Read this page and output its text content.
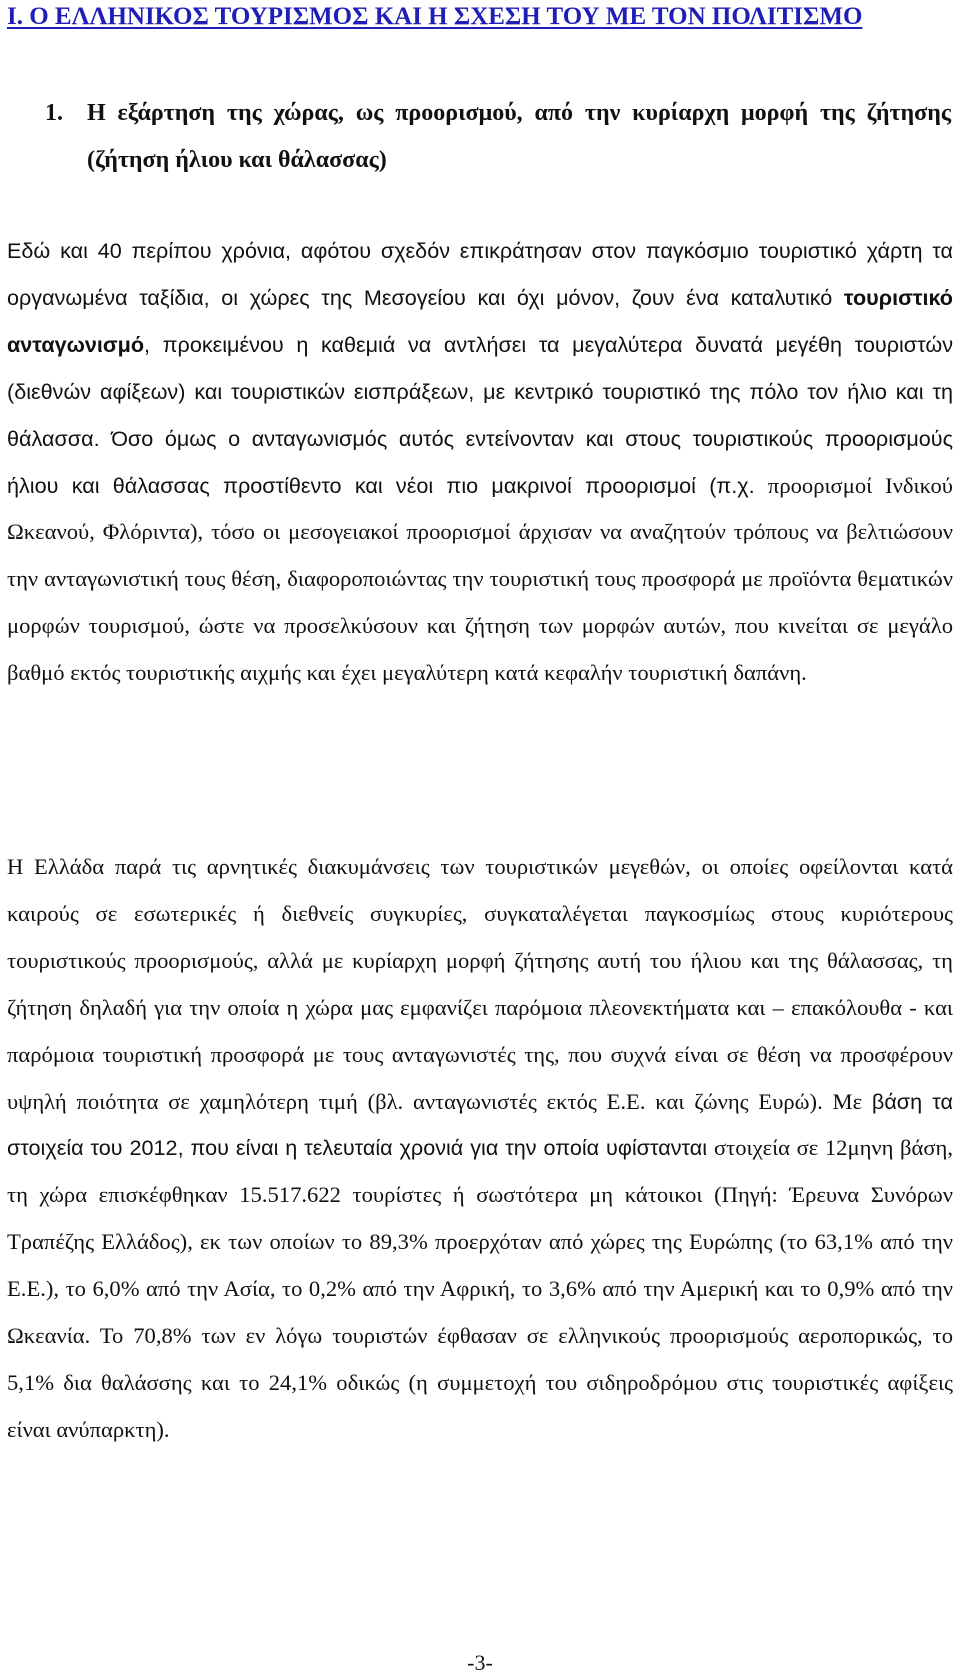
I. Ο ΕΛΛΗΝΙΚΟΣ ΤΟΥΡΙΣΜΟΣ ΚΑΙ Η ΣΧΕΣΗ ΤΟΥ ΜΕ ΤΟΝ ΠΟΛΙΤΙΣΜΟ
1.	Η εξάρτηση της χώρας, ως προορισμού, από την κυρίαρχη μορφή της ζήτησης (ζήτηση ήλιου και θάλασσας)

Εδώ και 40 περίπου χρόνια, αφότου σχεδόν επικράτησαν στον παγκόσμιο τουριστικό χάρτη τα οργανωμένα ταξίδια, οι χώρες της Μεσογείου και όχι μόνον, ζουν ένα καταλυτικό τουριστικό ανταγωνισμό, προκειμένου η καθεμιά να αντλήσει τα μεγαλύτερα δυνατά μεγέθη τουριστών (διεθνών αφίξεων) και τουριστικών εισπράξεων, με κεντρικό τουριστικό της πόλο τον ήλιο και τη θάλασσα. Όσο όμως ο ανταγωνισμός αυτός εντείνονταν και στους τουριστικούς προορισμούς ήλιου και θάλασσας προστίθεντο και νέοι πιο μακρινοί προορισμοί (π.χ. προορισμοί Ινδικού Ωκεανού, Φλόριντα), τόσο οι μεσογειακοί προορισμοί άρχισαν να αναζητούν τρόπους να βελτιώσουν την ανταγωνιστική τους θέση, διαφοροποιώντας την τουριστική τους προσφορά με προϊόντα θεματικών μορφών τουρισμού, ώστε να προσελκύσουν και ζήτηση των μορφών αυτών, που κινείται σε μεγάλο βαθμό εκτός τουριστικής αιχμής και έχει μεγαλύτερη κατά κεφαλήν τουριστική δαπάνη.

Η Ελλάδα παρά τις αρνητικές διακυμάνσεις των τουριστικών μεγεθών, οι οποίες οφείλονται κατά καιρούς σε εσωτερικές ή διεθνείς συγκυρίες, συγκαταλέγεται παγκοσμίως στους κυριότερους τουριστικούς προορισμούς, αλλά με κυρίαρχη μορφή ζήτησης αυτή του ήλιου και της θάλασσας, τη ζήτηση δηλαδή για την οποία η χώρα μας εμφανίζει παρόμοια πλεονεκτήματα και – επακόλουθα - και παρόμοια τουριστική προσφορά με τους ανταγωνιστές της, που συχνά είναι σε θέση να προσφέρουν υψηλή ποιότητα σε χαμηλότερη τιμή (βλ. ανταγωνιστές εκτός Ε.Ε. και ζώνης Ευρώ). Με βάση τα στοιχεία του 2012, που είναι η τελευταία χρονιά για την οποία υφίστανται στοιχεία σε 12μηνη βάση, τη χώρα επισκέφθηκαν 15.517.622 τουρίστες ή σωστότερα μη κάτοικοι (Πηγή: Έρευνα Συνόρων Τραπέζης Ελλάδος), εκ των οποίων το 89,3% προερχόταν από χώρες της Ευρώπης (το 63,1% από την Ε.Ε.), το 6,0% από την Ασία, το 0,2% από την Αφρική, το 3,6% από την Αμερική και το 0,9% από την Ωκεανία. Το 70,8% των εν λόγω τουριστών έφθασαν σε ελληνικούς προορισμούς αεροπορικώς, το 5,1% δια θαλάσσης και το 24,1% οδικώς (η συμμετοχή του σιδηροδρόμου στις τουριστικές αφίξεις είναι ανύπαρκτη).

-3-
